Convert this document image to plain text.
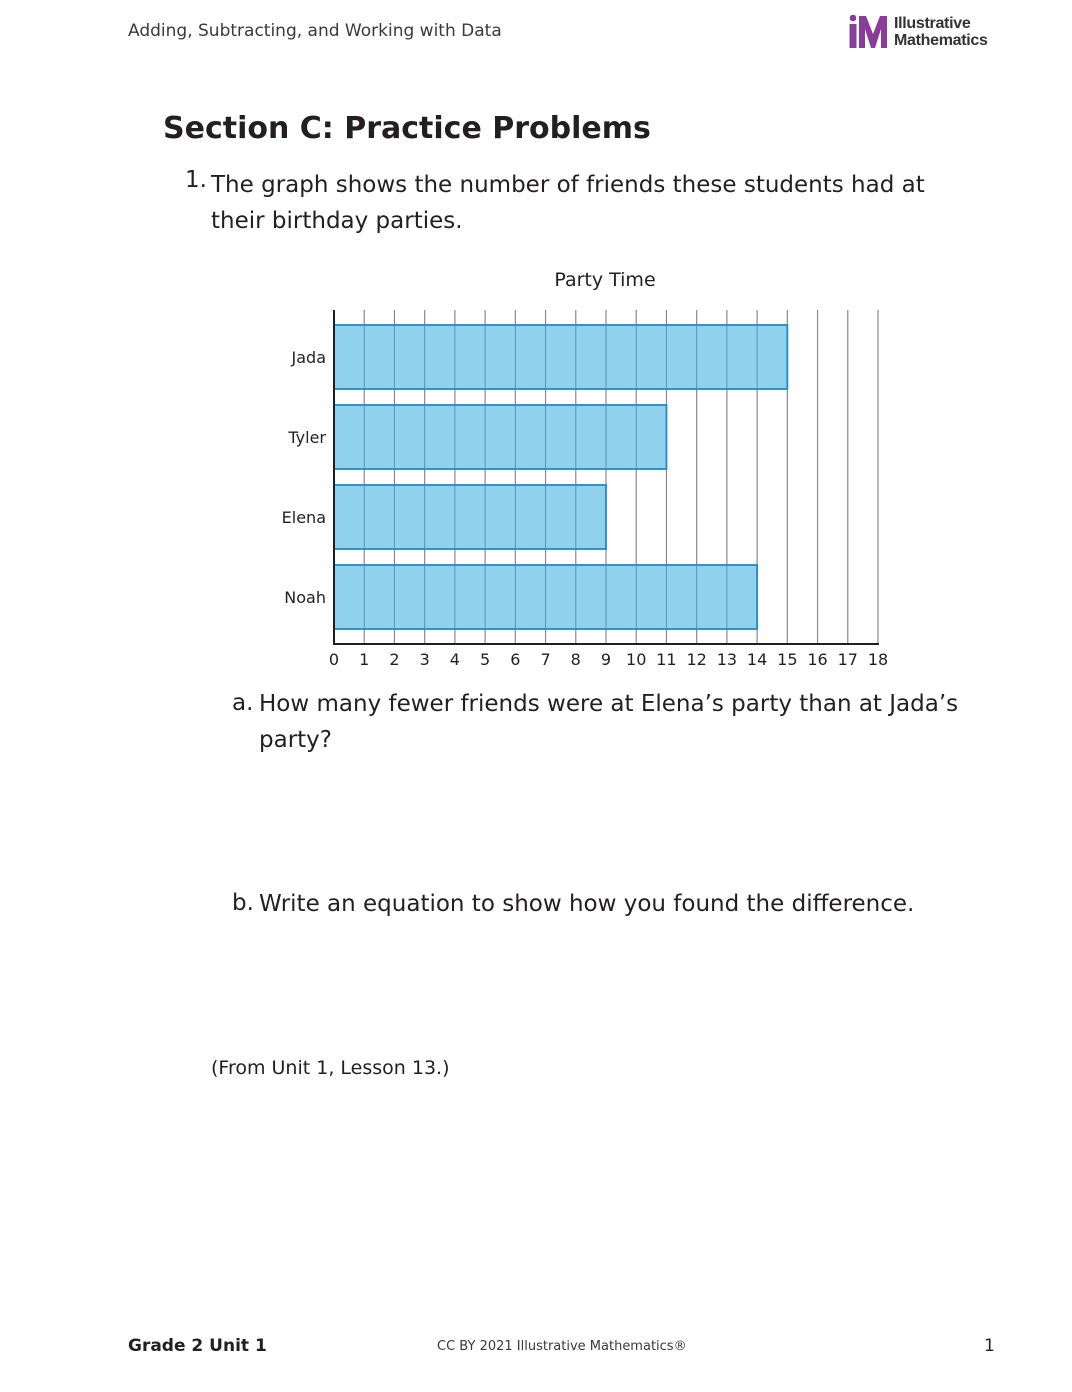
Adding, Subtracting, and Working with Data	Illustrative
Mathematics
Section C: Practice Problems
1. The graph shows the number of friends these students had at their birthday parties.
Party Time
Jada
Tyler
Elena
Noah
0 1 2 3 4 5 6 7 8 9 10 11 12 13 14 15 16 17 18
a. How many fewer friends were at Elena’s party than at Jada’s party?
b. Write an equation to show how you found the difference.
(From Unit 1, Lesson 13.)
Grade 2 Unit 1	CC BY 2021 Illustrative Mathematics®	1
